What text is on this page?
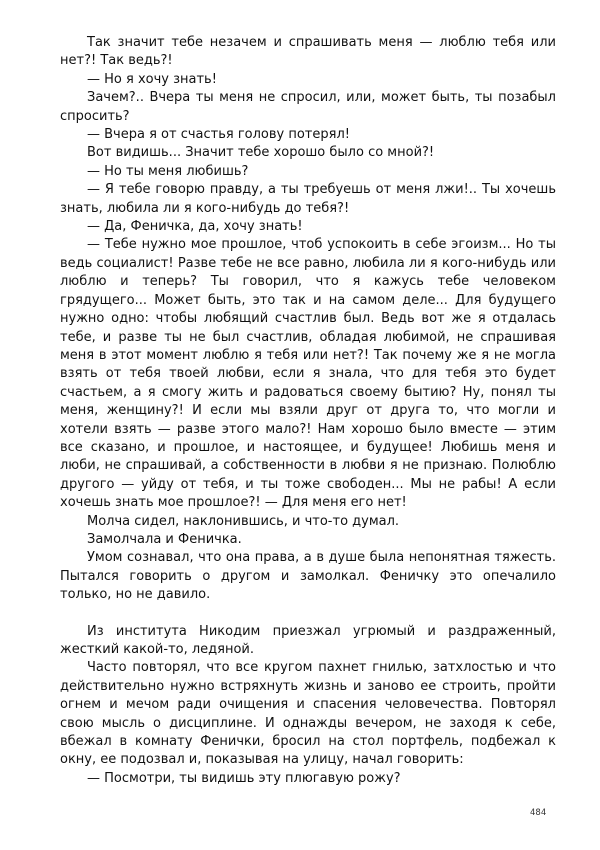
Так значит тебе незачем и спрашивать меня — люблю тебя или нет?! Так ведь?!

— Но я хочу знать!

Зачем?.. Вчера ты меня не спросил, или, может быть, ты позабыл спросить?

— Вчера я от счастья голову потерял!

Вот видишь... Значит тебе хорошо было со мной?!

— Но ты меня любишь?

— Я тебе говорю правду, а ты требуешь от меня лжи!.. Ты хочешь знать, любила ли я кого-нибудь до тебя?!

— Да, Феничка, да, хочу знать!

— Тебе нужно мое прошлое, чтоб успокоить в себе эгоизм... Но ты ведь социалист! Разве тебе не все равно, любила ли я кого-нибудь или люблю и теперь? Ты говорил, что я кажусь тебе человеком грядущего... Может быть, это так и на самом деле... Для будущего нужно одно: чтобы любящий счастлив был. Ведь вот же я отдалась тебе, и разве ты не был счастлив, обладая любимой, не спрашивая меня в этот момент люблю я тебя или нет?! Так почему же я не могла взять от тебя твоей любви, если я знала, что для тебя это будет счастьем, а я смогу жить и радоваться своему бытию? Ну, понял ты меня, женщину?! И если мы взяли друг от друга то, что могли и хотели взять — разве этого мало?! Нам хорошо было вместе — этим все сказано, и прошлое, и настоящее, и будущее! Любишь меня и люби, не спрашивай, а собственности в любви я не признаю. Полюблю другого — уйду от тебя, и ты тоже свободен... Мы не рабы! А если хочешь знать мое прошлое?! — Для меня его нет!

Молча сидел, наклонившись, и что-то думал.

Замолчала и Феничка.

Умом сознавал, что она права, а в душе была непонятная тяжесть. Пытался говорить о другом и замолкал. Феничку это опечалило только, но не давило.

Из института Никодим приезжал угрюмый и раздраженный, жесткий какой-то, ледяной.

Часто повторял, что все кругом пахнет гнилью, затхлостью и что действительно нужно встряхнуть жизнь и заново ее строить, пройти огнем и мечом ради очищения и спасения человечества. Повторял свою мысль о дисциплине. И однажды вечером, не заходя к себе, вбежал в комнату Фенички, бросил на стол портфель, подбежал к окну, ее подозвал и, показывая на улицу, начал говорить:

— Посмотри, ты видишь эту плюгавую рожу?

484
